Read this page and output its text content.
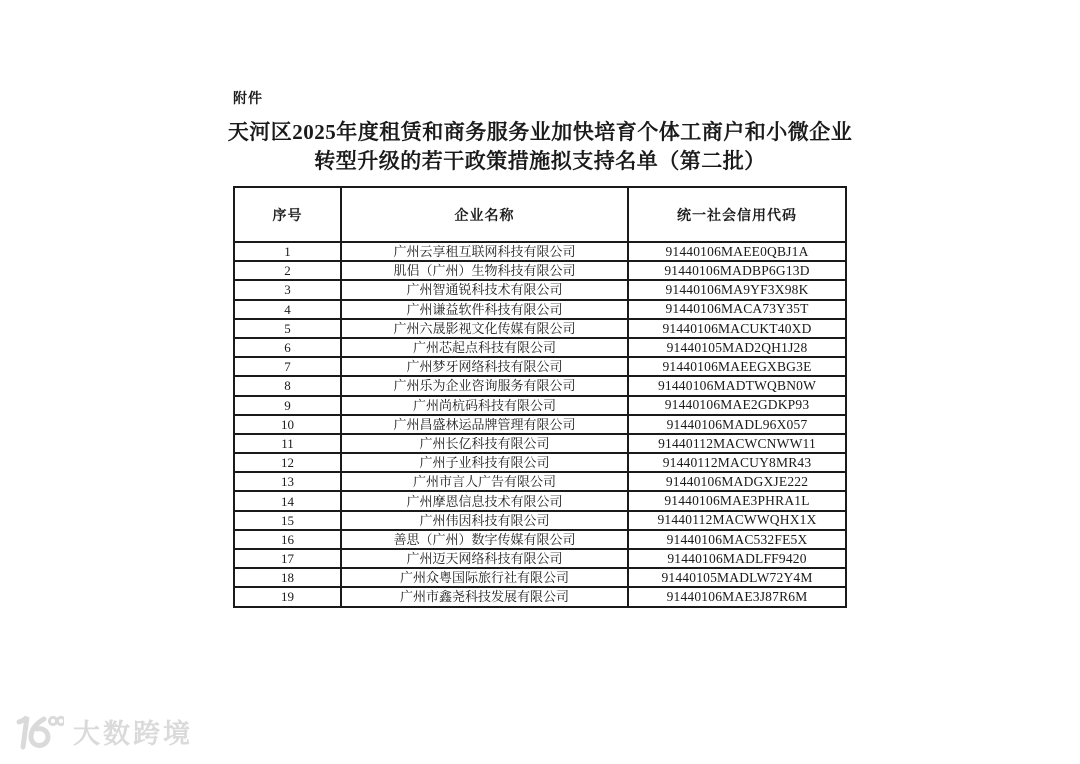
附件
天河区2025年度租赁和商务服务业加快培育个体工商户和小微企业
转型升级的若干政策措施拟支持名单（第二批）
序号	企业名称	统一社会信用代码
1	广州云享租互联网科技有限公司	91440106MAEE0QBJ1A
2	肌侣（广州）生物科技有限公司	91440106MADBP6G13D
3	广州智通锐科技术有限公司	91440106MA9YF3X98K
4	广州谦益软件科技有限公司	91440106MACA73Y35T
5	广州六晟影视文化传媒有限公司	91440106MACUKT40XD
6	广州芯起点科技有限公司	91440105MAD2QH1J28
7	广州梦牙网络科技有限公司	91440106MAEEGXBG3E
8	广州乐为企业咨询服务有限公司	91440106MADTWQBN0W
9	广州尚杭码科技有限公司	91440106MAE2GDKP93
10	广州昌盛林运品牌管理有限公司	91440106MADL96X057
11	广州长亿科技有限公司	91440112MACWCNWW11
12	广州子业科技有限公司	91440112MACUY8MR43
13	广州市言人广告有限公司	91440106MADGXJE222
14	广州摩恩信息技术有限公司	91440106MAE3PHRA1L
15	广州伟因科技有限公司	91440112MACWWQHX1X
16	善思（广州）数字传媒有限公司	91440106MAC532FE5X
17	广州迈天网络科技有限公司	91440106MADLFF9420
18	广州众粤国际旅行社有限公司	91440105MADLW72Y4M
19	广州市鑫尧科技发展有限公司	91440106MAE3J87R6M
大数跨境
